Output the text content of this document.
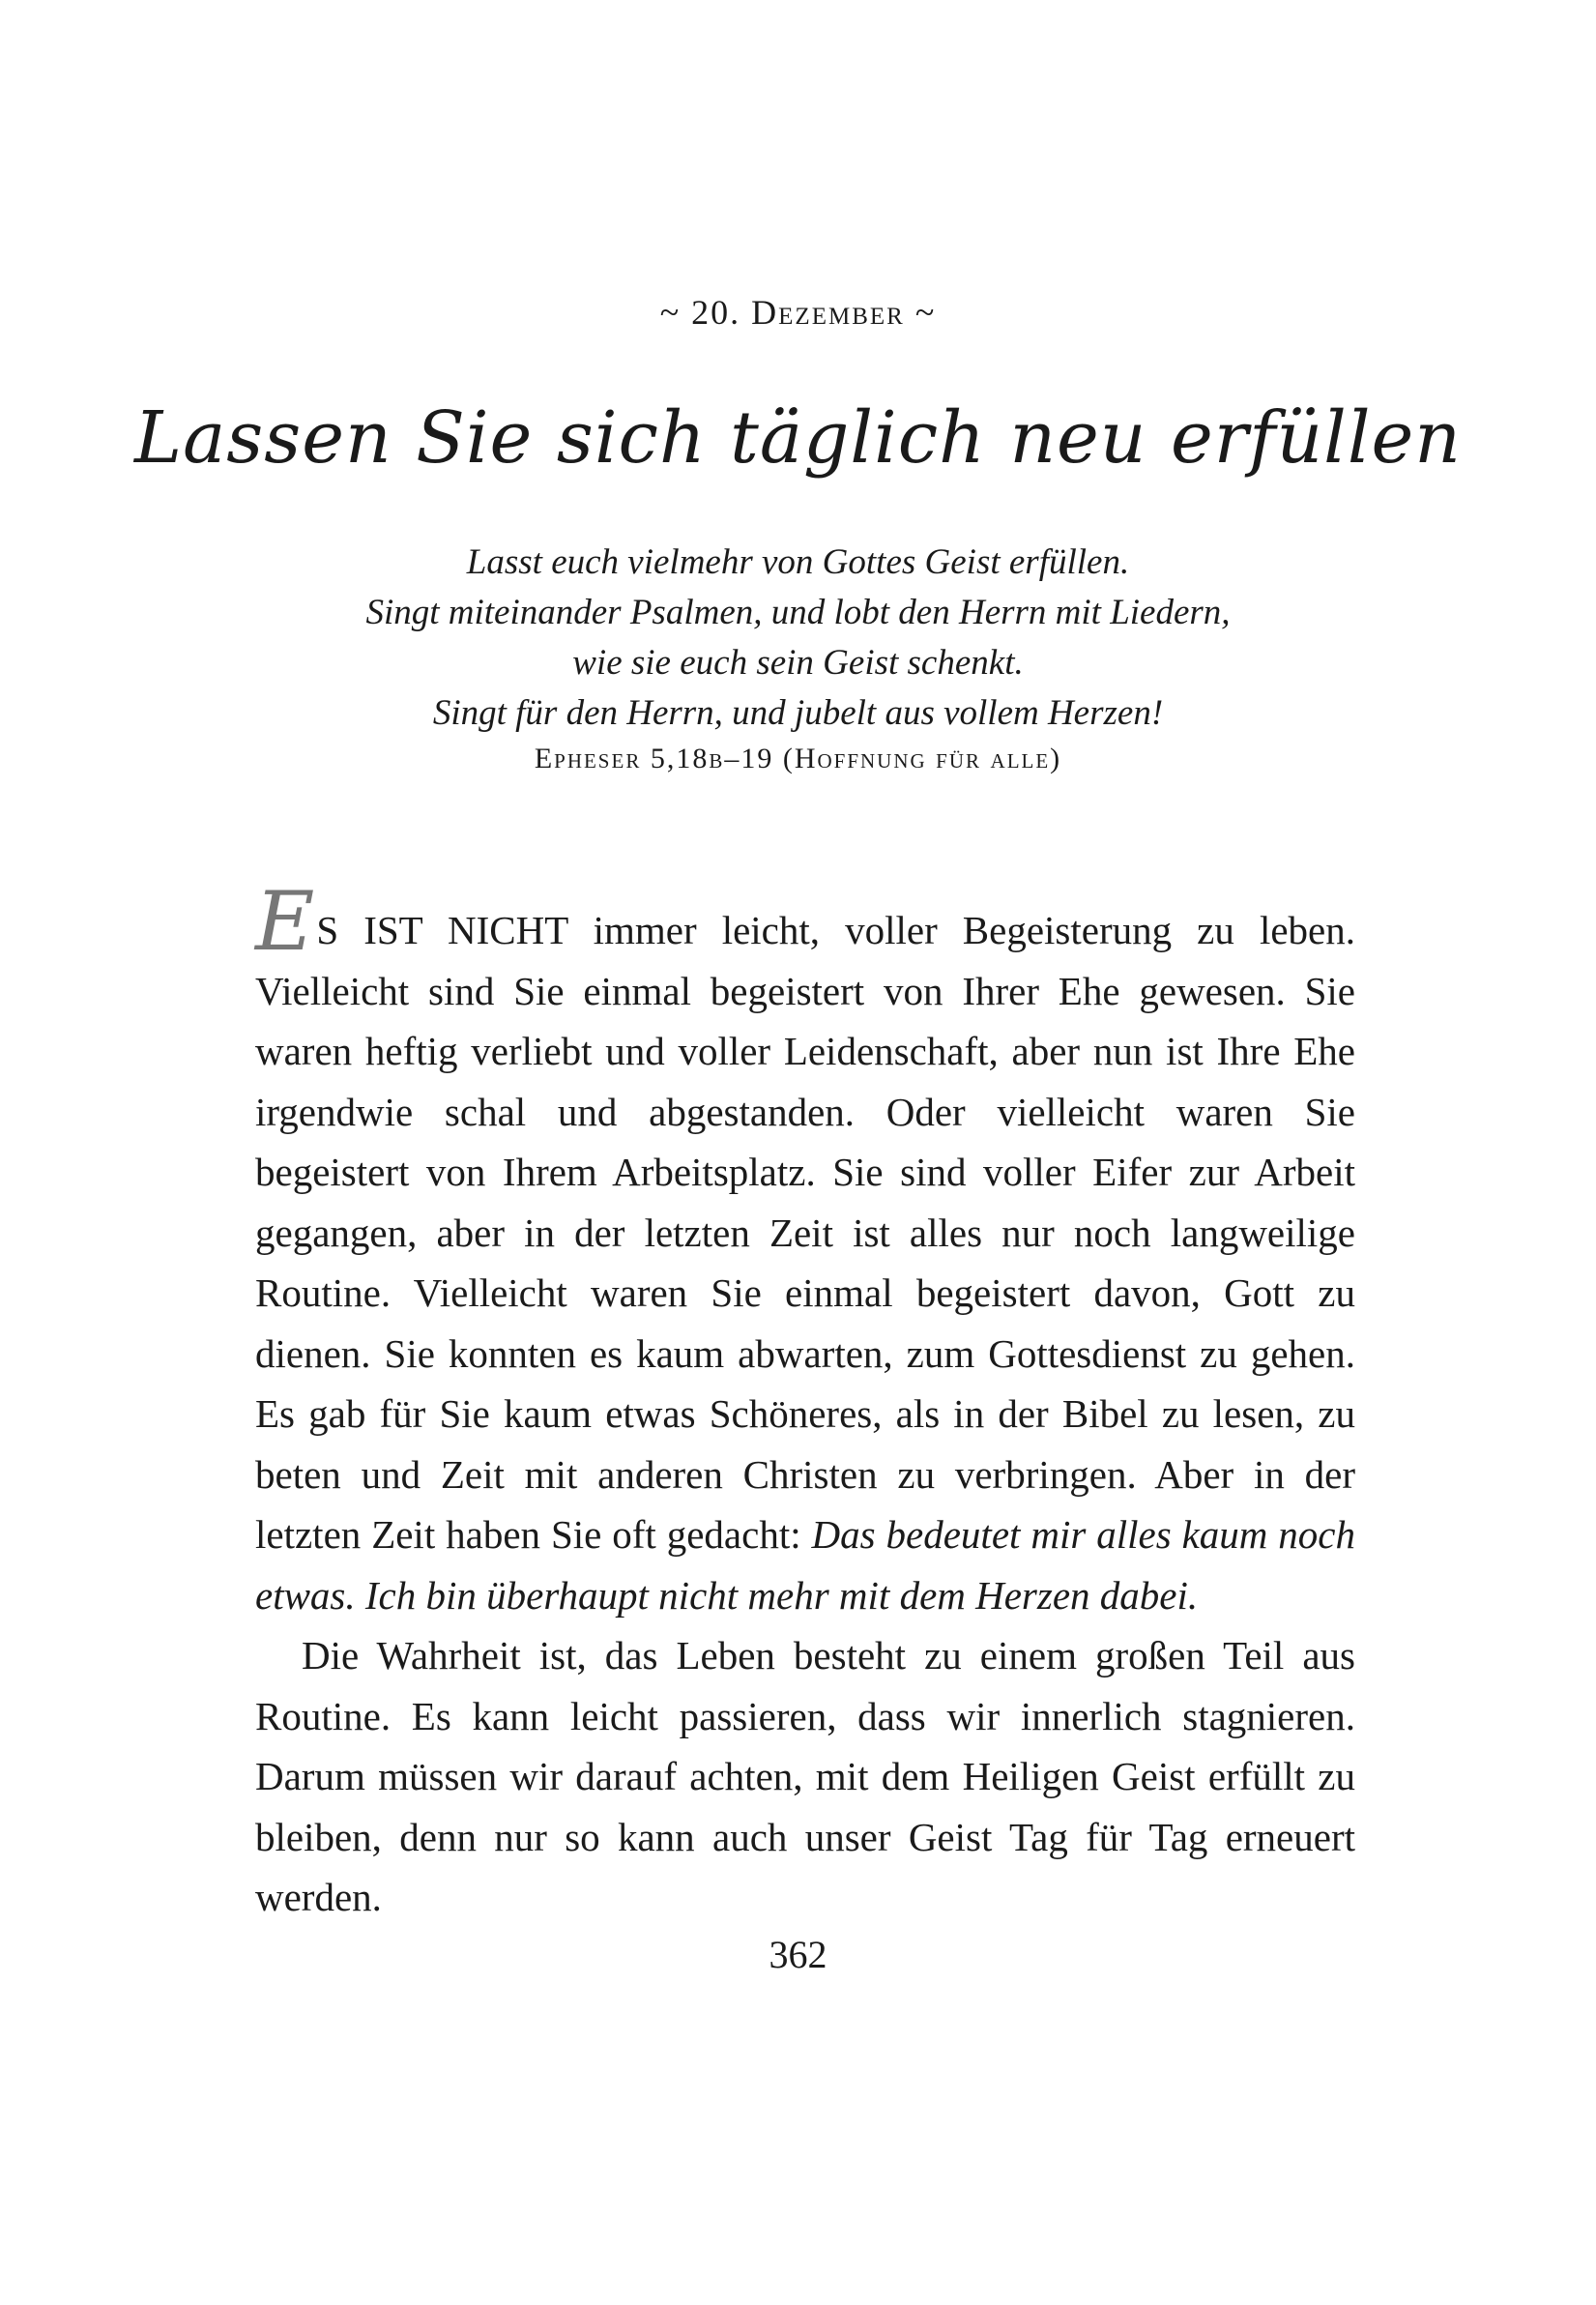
~ 20. Dezember ~
Lassen Sie sich täglich neu erfüllen
Lasst euch vielmehr von Gottes Geist erfüllen.
Singt miteinander Psalmen, und lobt den Herrn mit Liedern,
wie sie euch sein Geist schenkt.
Singt für den Herrn, und jubelt aus vollem Herzen!
Epheser 5,18b–19 (Hoffnung für alle)

ES IST NICHT immer leicht, voller Begeisterung zu leben. Vielleicht sind Sie einmal begeistert von Ihrer Ehe gewesen. Sie waren heftig verliebt und voller Leidenschaft, aber nun ist Ihre Ehe irgendwie schal und abgestanden. Oder vielleicht waren Sie begeistert von Ihrem Arbeitsplatz. Sie sind voller Eifer zur Arbeit gegangen, aber in der letzten Zeit ist alles nur noch langweilige Routine. Vielleicht waren Sie einmal begeistert davon, Gott zu dienen. Sie konnten es kaum abwarten, zum Gottesdienst zu gehen. Es gab für Sie kaum etwas Schöneres, als in der Bibel zu lesen, zu beten und Zeit mit anderen Christen zu verbringen. Aber in der letzten Zeit haben Sie oft gedacht: Das bedeutet mir alles kaum noch etwas. Ich bin überhaupt nicht mehr mit dem Herzen dabei.

Die Wahrheit ist, das Leben besteht zu einem großen Teil aus Routine. Es kann leicht passieren, dass wir innerlich stagnieren. Darum müssen wir darauf achten, mit dem Heiligen Geist erfüllt zu bleiben, denn nur so kann auch unser Geist Tag für Tag erneuert werden.

362
